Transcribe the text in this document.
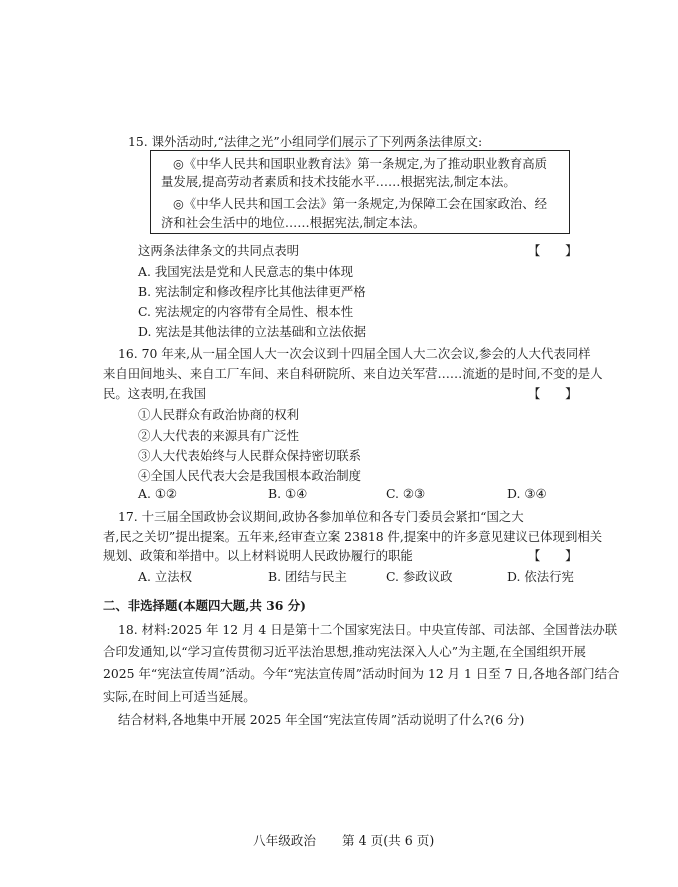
15. 课外活动时,“法律之光”小组同学们展示了下列两条法律原文:
◎《中华人民共和国职业教育法》第一条规定,为了推动职业教育高质
量发展,提高劳动者素质和技术技能水平……根据宪法,制定本法。
◎《中华人民共和国工会法》第一条规定,为保障工会在国家政治、经
济和社会生活中的地位……根据宪法,制定本法。
这两条法律条文的共同点表明	【　　】
A. 我国宪法是党和人民意志的集中体现
B. 宪法制定和修改程序比其他法律更严格
C. 宪法规定的内容带有全局性、根本性
D. 宪法是其他法律的立法基础和立法依据
16. 70 年来,从一届全国人大一次会议到十四届全国人大二次会议,参会的人大代表同样
来自田间地头、来自工厂车间、来自科研院所、来自边关军营……流逝的是时间,不变的是人
民。这表明,在我国	【　　】
①人民群众有政治协商的权利
②人大代表的来源具有广泛性
③人大代表始终与人民群众保持密切联系
④全国人民代表大会是我国根本政治制度
A. ①②	B. ①④	C. ②③	D. ③④
17. 十三届全国政协会议期间,政协各参加单位和各专门委员会紧扣“国之大
者,民之关切”提出提案。五年来,经审查立案 23818 件,提案中的许多意见建议已体现到相关
规划、政策和举措中。以上材料说明人民政协履行的职能	【　　】
A. 立法权	B. 团结与民主	C. 参政议政	D. 依法行宪
二、非选择题(本题四大题,共 36 分)
18. 材料:2025 年 12 月 4 日是第十二个国家宪法日。中央宣传部、司法部、全国普法办联
合印发通知,以“学习宣传贯彻习近平法治思想,推动宪法深入人心”为主题,在全国组织开展
2025 年“宪法宣传周”活动。今年“宪法宣传周”活动时间为 12 月 1 日至 7 日,各地各部门结合
实际,在时间上可适当延展。
结合材料,各地集中开展 2025 年全国“宪法宣传周”活动说明了什么?(6 分)
八年级政治 第 4 页(共 6 页)
